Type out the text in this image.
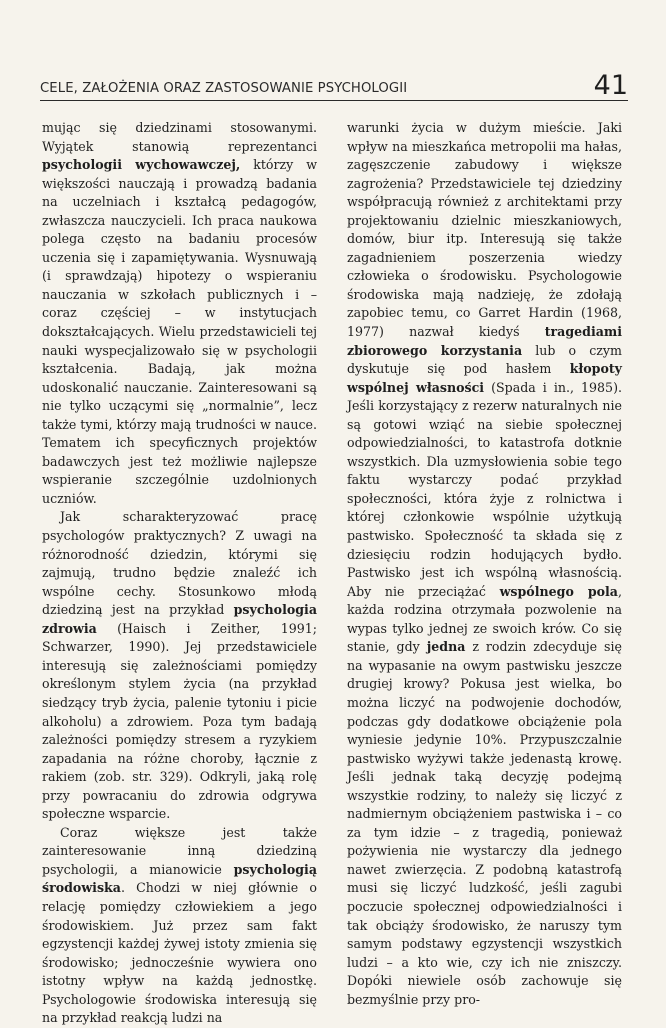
CELE, ZAŁOŻENIA ORAZ ZASTOSOWANIE PSYCHOLOGII	41

mując się dziedzinami stosowanymi. Wyjątek stanowią reprezentanci psychologii wychowawczej, którzy w większości nauczają i prowadzą badania na uczelniach i kształcą pedagogów, zwłaszcza nauczycieli. Ich praca naukowa polega często na badaniu procesów uczenia się i zapamiętywania. Wysnuwają (i sprawdzają) hipotezy o wspieraniu nauczania w szkołach publicznych i – coraz częściej – w instytucjach dokształcających. Wielu przedstawicieli tej nauki wyspecjalizowało się w psychologii kształcenia. Badają, jak można udoskonalić nauczanie. Zainteresowani są nie tylko uczącymi się „normalnie”, lecz także tymi, którzy mają trudności w nauce. Tematem ich specyficznych projektów badawczych jest też możliwie najlepsze wspieranie szczególnie uzdolnionych uczniów.

Jak scharakteryzować pracę psychologów praktycznych? Z uwagi na różnorodność dziedzin, którymi się zajmują, trudno będzie znaleźć ich wspólne cechy. Stosunkowo młodą dziedziną jest na przykład psychologia zdrowia (Haisch i Zeither, 1991; Schwarzer, 1990). Jej przedstawiciele interesują się zależnościami pomiędzy określonym stylem życia (na przykład siedzący tryb życia, palenie tytoniu i picie alkoholu) a zdrowiem. Poza tym badają zależności pomiędzy stresem a ryzykiem zapadania na różne choroby, łącznie z rakiem (zob. str. 329). Odkryli, jaką rolę przy powracaniu do zdrowia odgrywa społeczne wsparcie.

Coraz większe jest także zainteresowanie inną dziedziną psychologii, a mianowicie psychologią środowiska. Chodzi w niej głównie o relację pomiędzy człowiekiem a jego środowiskiem. Już przez sam fakt egzystencji każdej żywej istoty zmienia się środowisko; jednocześnie wywiera ono istotny wpływ na każdą jednostkę. Psychologowie środowiska interesują się na przykład reakcją ludzi na

warunki życia w dużym mieście. Jaki wpływ na mieszkańca metropolii ma hałas, zagęszczenie zabudowy i większe zagrożenia? Przedstawiciele tej dziedziny współpracują również z architektami przy projektowaniu dzielnic mieszkaniowych, domów, biur itp. Interesują się także zagadnieniem poszerzenia wiedzy człowieka o środowisku. Psychologowie środowiska mają nadzieję, że zdołają zapobiec temu, co Garret Hardin (1968, 1977) nazwał kiedyś tragediami zbiorowego korzystania lub o czym dyskutuje się pod hasłem kłopoty wspólnej własności (Spada i in., 1985). Jeśli korzystający z rezerw naturalnych nie są gotowi wziąć na siebie społecznej odpowiedzialności, to katastrofa dotknie wszystkich. Dla uzmysłowienia sobie tego faktu wystarczy podać przykład społeczności, która żyje z rolnictwa i której członkowie wspólnie użytkują pastwisko. Społeczność ta składa się z dziesięciu rodzin hodujących bydło. Pastwisko jest ich wspólną własnością. Aby nie przeciążać wspólnego pola, każda rodzina otrzymała pozwolenie na wypas tylko jednej ze swoich krów. Co się stanie, gdy jedna z rodzin zdecyduje się na wypasanie na owym pastwisku jeszcze drugiej krowy? Pokusa jest wielka, bo można liczyć na podwojenie dochodów, podczas gdy dodatkowe obciążenie pola wyniesie jedynie 10%. Przypuszczalnie pastwisko wyżywi także jedenastą krowę. Jeśli jednak taką decyzję podejmą wszystkie rodziny, to należy się liczyć z nadmiernym obciążeniem pastwiska i – co za tym idzie – z tragedią, ponieważ pożywienia nie wystarczy dla jednego nawet zwierzęcia. Z podobną katastrofą musi się liczyć ludzkość, jeśli zagubi poczucie społecznej odpowiedzialności i tak obciąży środowisko, że naruszy tym samym podstawy egzystencji wszystkich ludzi – a kto wie, czy ich nie zniszczy. Dopóki niewiele osób zachowuje się bezmyślnie przy pro-
